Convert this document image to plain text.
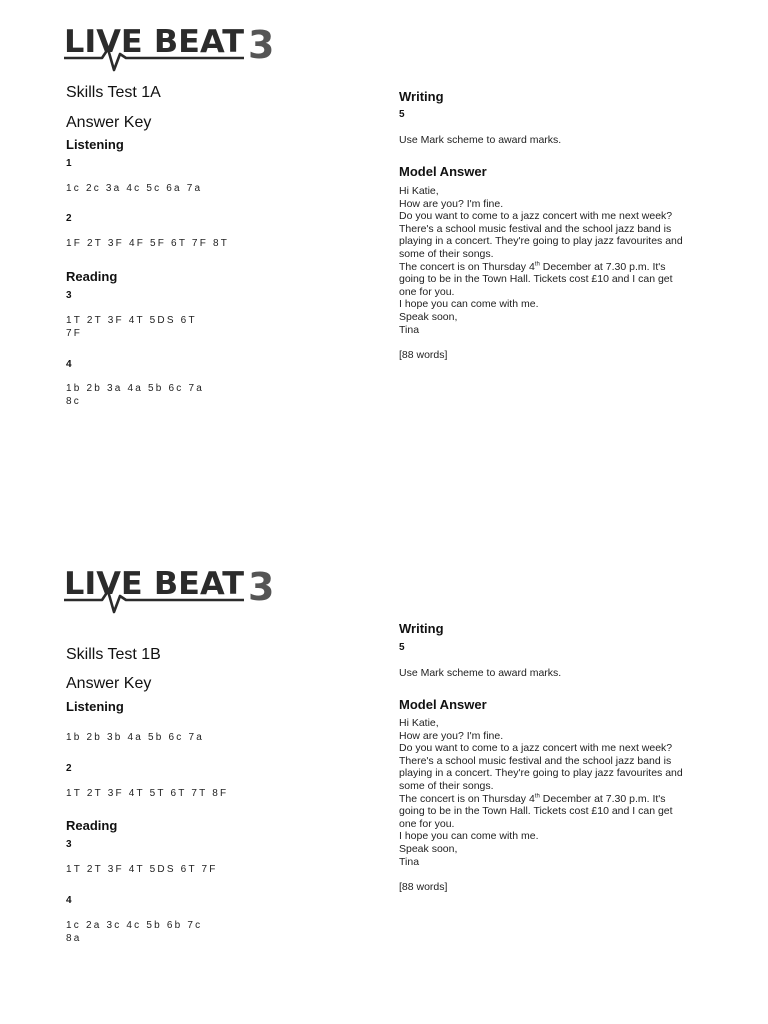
LIVE BEAT 3
Skills Test 1A
Answer Key
Listening
1
1c 2c 3a 4c 5c 6a 7a
2
1F 2T 3F 4F 5F 6T 7F 8T
Reading
3
1T 2T 3F 4T 5DS 6T
7F
4
1b 2b 3a 4a 5b 6c 7a
8c
Writing
5
Use Mark scheme to award marks.
Model Answer
Hi Katie,
How are you? I'm fine.
Do you want to come to a jazz concert with me next week?
There's a school music festival and the school jazz band is
playing in a concert. They're going to play jazz favourites and
some of their songs.
The concert is on Thursday 4th December at 7.30 p.m. It's
going to be in the Town Hall. Tickets cost £10 and I can get
one for you.
I hope you can come with me.
Speak soon,
Tina
[88 words]
LIVE BEAT 3
Skills Test 1B
Answer Key
Listening
1b 2b 3b 4a 5b 6c 7a
2
1T 2T 3F 4T 5T 6T 7T 8F
Reading
3
1T 2T 3F 4T 5DS 6T 7F
4
1c 2a 3c 4c 5b 6b 7c
8a
Writing
5
Use Mark scheme to award marks.
Model Answer
Hi Katie,
How are you? I'm fine.
Do you want to come to a jazz concert with me next week?
There's a school music festival and the school jazz band is
playing in a concert. They're going to play jazz favourites and
some of their songs.
The concert is on Thursday 4th December at 7.30 p.m. It's
going to be in the Town Hall. Tickets cost £10 and I can get
one for you.
I hope you can come with me.
Speak soon,
Tina
[88 words]
